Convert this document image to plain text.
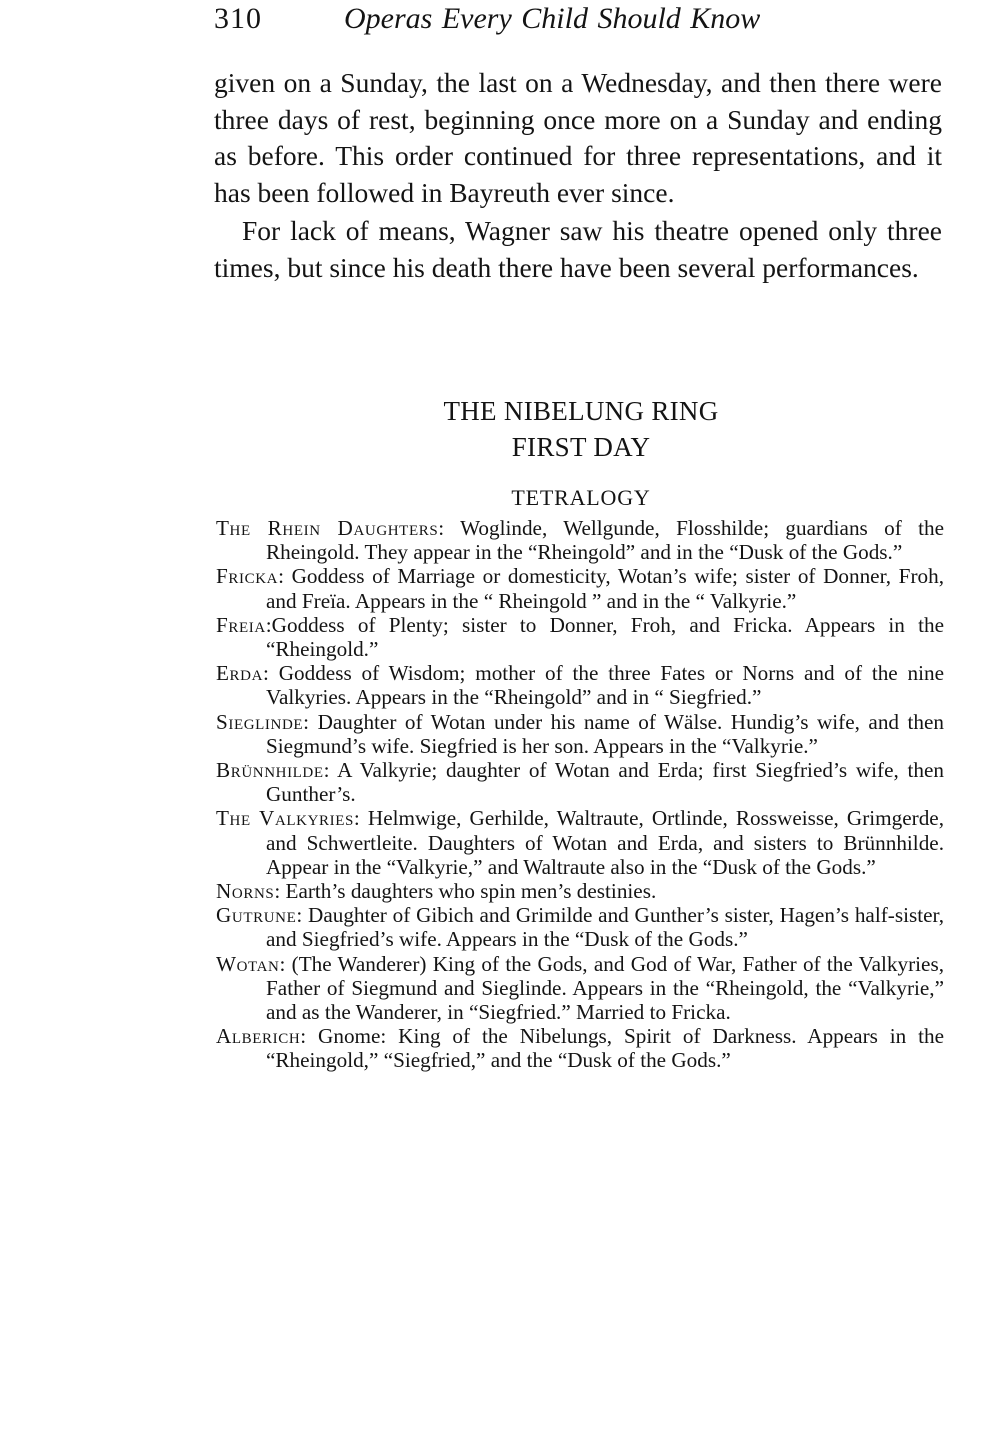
310	Operas Every Child Should Know

given on a Sunday, the last on a Wednesday, and then there were three days of rest, beginning once more on a Sunday and ending as before. This order continued for three representations, and it has been followed in Bayreuth ever since.

For lack of means, Wagner saw his theatre opened only three times, but since his death there have been several performances.

THE NIBELUNG RING
FIRST DAY
TETRALOGY
The Rhein Daughters: Woglinde, Wellgunde, Flosshilde; guardians of the Rheingold. They appear in the “Rheingold” and in the “Dusk of the Gods.”
Fricka: Goddess of Marriage or domesticity, Wotan’s wife; sister of Donner, Froh, and Freïa. Appears in the “ Rheingold ” and in the “ Valkyrie.”
Freia:Goddess of Plenty; sister to Donner, Froh, and Fricka. Appears in the “Rheingold.”
Erda: Goddess of Wisdom; mother of the three Fates or Norns and of the nine Valkyries. Appears in the “Rheingold” and in “ Siegfried.”
Sieglinde: Daughter of Wotan under his name of Wälse. Hundig’s wife, and then Siegmund’s wife. Siegfried is her son. Appears in the “Valkyrie.”
Brünnhilde: A Valkyrie; daughter of Wotan and Erda; first Siegfried’s wife, then Gunther’s.
The Valkyries: Helmwige, Gerhilde, Waltraute, Ortlinde, Rossweisse, Grimgerde, and Schwertleite. Daughters of Wotan and Erda, and sisters to Brünnhilde. Appear in the “Valkyrie,” and Waltraute also in the “Dusk of the Gods.”
Norns: Earth’s daughters who spin men’s destinies.
Gutrune: Daughter of Gibich and Grimilde and Gunther’s sister, Hagen’s half-sister, and Siegfried’s wife. Appears in the “Dusk of the Gods.”
Wotan: (The Wanderer) King of the Gods, and God of War, Father of the Valkyries, Father of Siegmund and Sieglinde. Appears in the “Rheingold, the “Valkyrie,” and as the Wanderer, in “Siegfried.” Married to Fricka.
Alberich: Gnome: King of the Nibelungs, Spirit of Darkness. Appears in the “Rheingold,” “Siegfried,” and the “Dusk of the Gods.”
